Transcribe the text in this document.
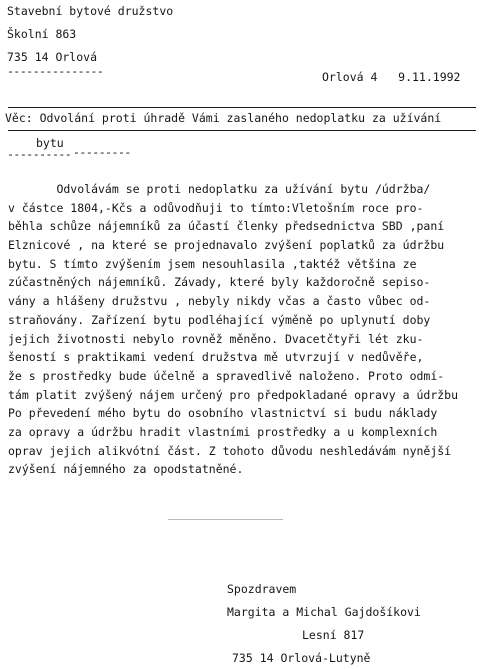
Stavební bytové družstvo
Školní 863
735 14 Orlová
---------------	Orlová 4   9.11.1992
Věc: Odvolání proti úhradě Vámi zaslaného nedoplatku za užívání
bytu
---------- ---------
Odvolávám se proti nedoplatku za užívání bytu /údržba/
v částce 1804,-Kčs a odůvodňuji to tímto:Vletošním roce pro-
běhla schůze nájemníků za účastí členky předsednictva SBD ,paní
Elznicové , na které se projednavalo zvýšení poplatků za údržbu
bytu. S tímto zvýšením jsem nesouhlasila ,taktéž většina ze
zúčastněných nájemníků. Závady, které byly každoročně sepiso-
vány a hlášeny družstvu , nebyly nikdy včas a často vůbec od-
straňovány. Zařízení bytu podléhající výměně po uplynutí doby
jejich životnosti nebylo rovněž měněno. Dvacetčtyři lét zku-
šeností s praktikami vedení družstva mě utvrzují v nedůvěře,
že s prostředky bude účelně a spravedlivě naloženo. Proto odmí-
tám platit zvýšený nájem určený pro předpokladané opravy a údržbu
Po převedení mého bytu do osobního vlastnictví si budu náklady
za opravy a údržbu hradit vlastními prostředky a u komplexních
oprav jejich alikvótní část. Z tohoto důvodu neshledávám nynější
zvýšení nájemného za opodstatněné.
Spozdravem
Margita a Michal Gajdošíkovi
Lesní 817
735 14 Orlová-Lutyně
